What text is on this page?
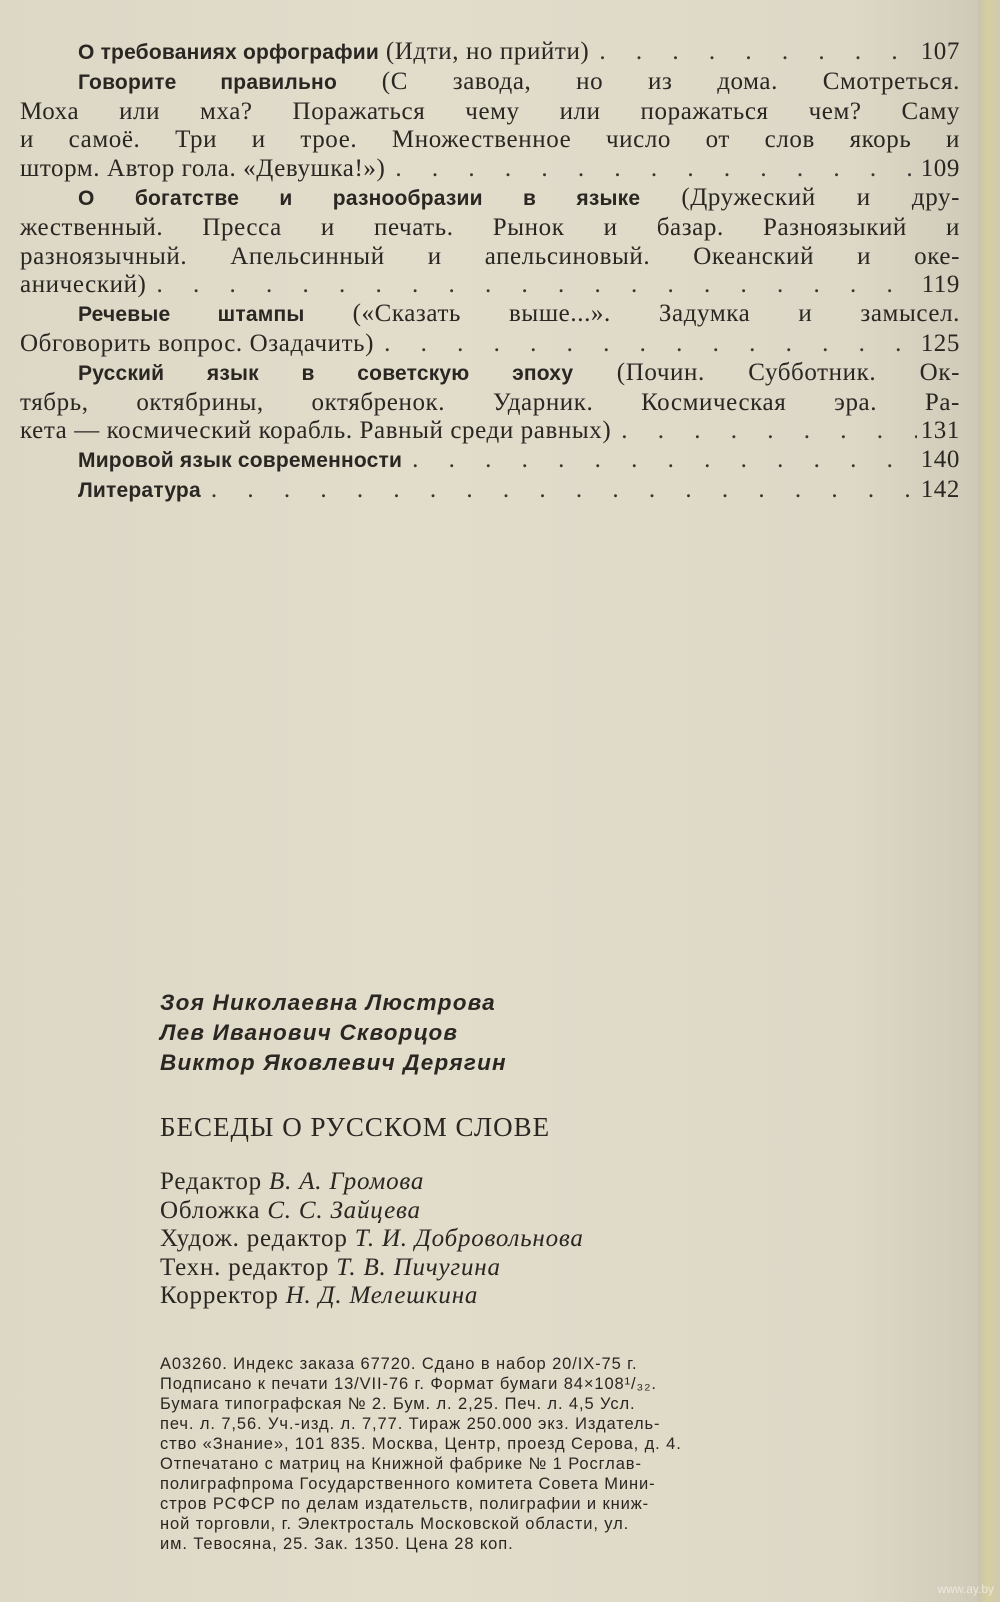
О требованиях орфографии (Идти, но прийти) . . .	107
Говорите правильно (С завода, но из дома. Смотреться.
Моха или мха? Поражаться чему или поражаться чем? Саму
и самоё. Три и трое. Множественное число от слов якорь и
шторм. Автор гола. «Девушка!») . . .	109
О богатстве и разнообразии в языке (Дружеский и дру-
жественный. Пресса и печать. Рынок и базар. Разноязыкий и
разноязычный. Апельсинный и апельсиновый. Океанский и оке-
анический) . . .	119
Речевые штампы («Сказать выше...». Задумка и замысел.
Обговорить вопрос. Озадачить) . . .	125
Русский язык в советскую эпоху (Почин. Субботник. Ок-
тябрь, октябрины, октябренок. Ударник. Космическая эра. Ра-
кета — космический корабль. Равный среди равных) . . .	131
Мировой язык современности . . .	140
Литература . . .	142
Зоя Николаевна Люстрова
Лев Иванович Скворцов
Виктор Яковлевич Дерягин
БЕСЕДЫ О РУССКОМ СЛОВЕ
Редактор В. А. Громова
Обложка С. С. Зайцева
Худож. редактор Т. И. Добровольнова
Техн. редактор Т. В. Пичугина
Корректор Н. Д. Мелешкина
А03260. Индекс заказа 67720. Сдано в набор 20/IX-75 г.
Подписано к печати 13/VII-76 г. Формат бумаги 84×108¹/₃₂.
Бумага типографская № 2. Бум. л. 2,25. Печ. л. 4,5 Усл.
печ. л. 7,56. Уч.-изд. л. 7,77. Тираж 250.000 экз. Издатель-
ство «Знание», 101 835. Москва, Центр, проезд Серова, д. 4.
Отпечатано с матриц на Книжной фабрике № 1 Росглав-
полиграфпрома Государственного комитета Совета Мини-
стров РСФСР по делам издательств, полиграфии и книж-
ной торговли, г. Электросталь Московской области, ул.
им. Тевосяна, 25. Зак. 1350. Цена 28 коп.
www.ay.by
